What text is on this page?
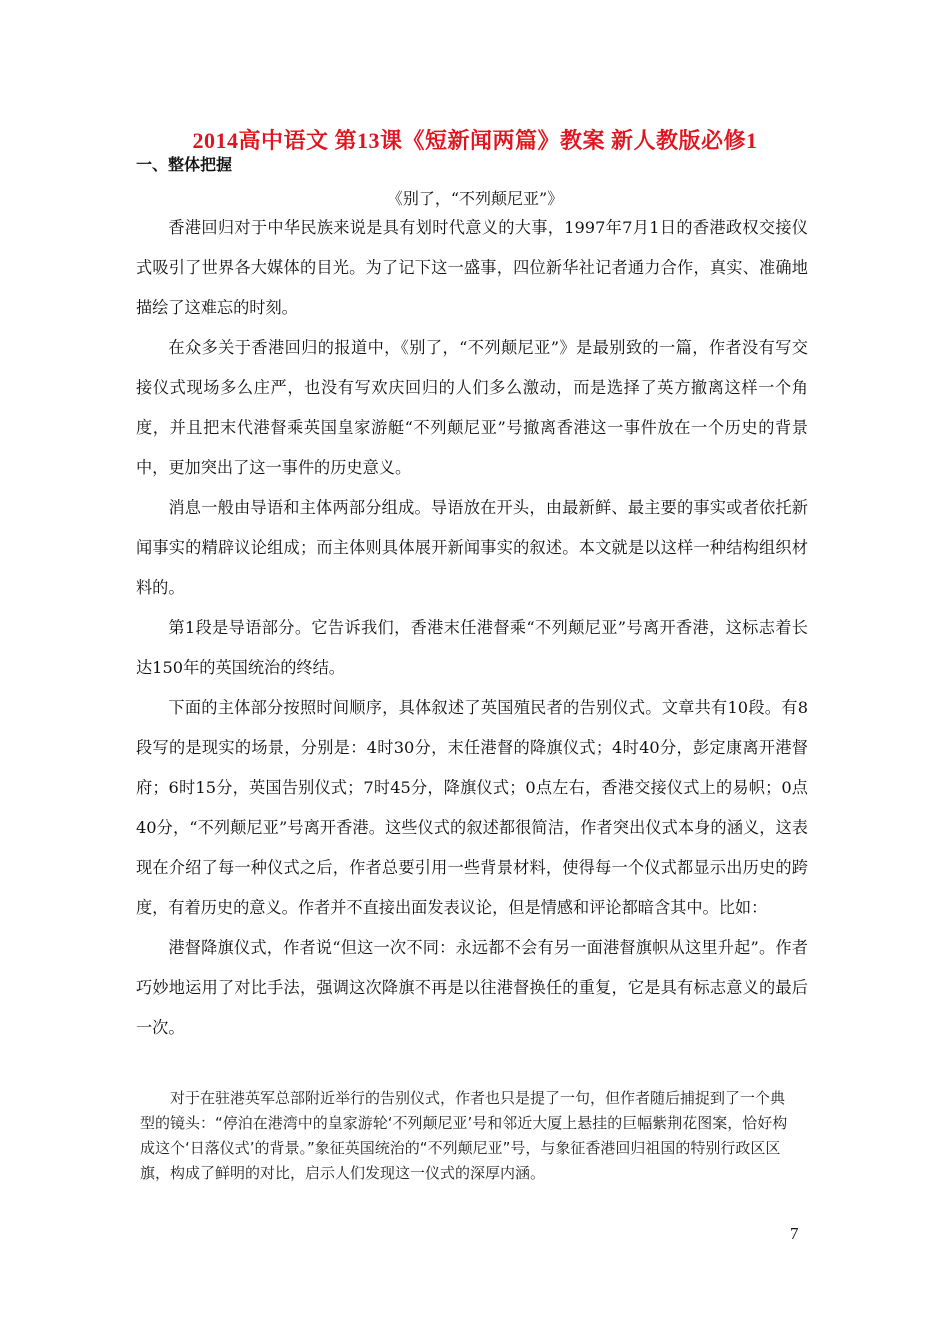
2014高中语文 第13课《短新闻两篇》教案 新人教版必修1
一、整体把握
《别了，“不列颠尼亚”》

香港回归对于中华民族来说是具有划时代意义的大事，1997年7月1日的香港政权交接仪式吸引了世界各大媒体的目光。为了记下这一盛事，四位新华社记者通力合作，真实、准确地描绘了这难忘的时刻。

在众多关于香港回归的报道中，《别了，“不列颠尼亚”》是最别致的一篇，作者没有写交接仪式现场多么庄严，也没有写欢庆回归的人们多么激动，而是选择了英方撤离这样一个角度，并且把末代港督乘英国皇家游艇“不列颠尼亚”号撤离香港这一事件放在一个历史的背景中，更加突出了这一事件的历史意义。

消息一般由导语和主体两部分组成。导语放在开头，由最新鲜、最主要的事实或者依托新闻事实的精辟议论组成；而主体则具体展开新闻事实的叙述。本文就是以这样一种结构组织材料的。

第1段是导语部分。它告诉我们，香港末任港督乘“不列颠尼亚”号离开香港，这标志着长达150年的英国统治的终结。

下面的主体部分按照时间顺序，具体叙述了英国殖民者的告别仪式。文章共有10段。有8段写的是现实的场景，分别是：4时30分，末任港督的降旗仪式；4时40分，彭定康离开港督府；6时15分，英国告别仪式；7时45分，降旗仪式；0点左右，香港交接仪式上的易帜；0点40分，“不列颠尼亚”号离开香港。这些仪式的叙述都很简洁，作者突出仪式本身的涵义，这表现在介绍了每一种仪式之后，作者总要引用一些背景材料，使得每一个仪式都显示出历史的跨度，有着历史的意义。作者并不直接出面发表议论，但是情感和评论都暗含其中。比如：

港督降旗仪式，作者说“但这一次不同：永远都不会有另一面港督旗帜从这里升起”。作者巧妙地运用了对比手法，强调这次降旗不再是以往港督换任的重复，它是具有标志意义的最后一次。

对于在驻港英军总部附近举行的告别仪式，作者也只是提了一句，但作者随后捕捉到了一个典型的镜头：“停泊在港湾中的皇家游轮‘不列颠尼亚’号和邻近大厦上悬挂的巨幅紫荆花图案，恰好构成这个‘日落仪式’的背景。”象征英国统治的“不列颠尼亚”号，与象征香港回归祖国的特别行政区区旗，构成了鲜明的对比，启示人们发现这一仪式的深厚内涵。

7
